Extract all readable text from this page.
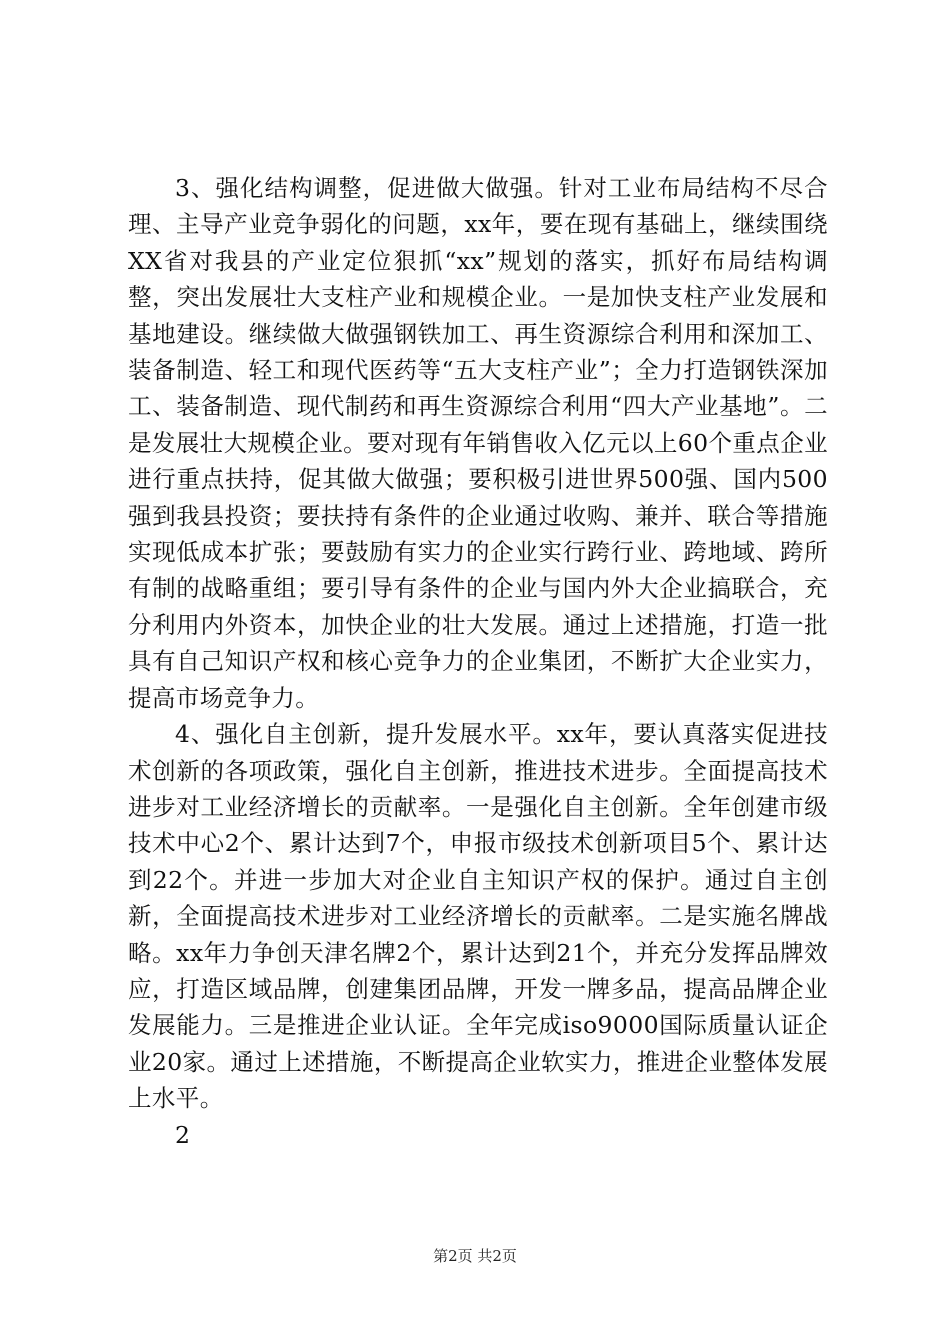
3、强化结构调整，促进做大做强。针对工业布局结构不尽合理、主导产业竞争弱化的问题，xx年，要在现有基础上，继续围绕XX省对我县的产业定位狠抓“xx”规划的落实，抓好布局结构调整，突出发展壮大支柱产业和规模企业。一是加快支柱产业发展和基地建设。继续做大做强钢铁加工、再生资源综合利用和深加工、装备制造、轻工和现代医药等“五大支柱产业”；全力打造钢铁深加工、装备制造、现代制药和再生资源综合利用“四大产业基地”。二是发展壮大规模企业。要对现有年销售收入亿元以上60个重点企业进行重点扶持，促其做大做强；要积极引进世界500强、国内500强到我县投资；要扶持有条件的企业通过收购、兼并、联合等措施实现低成本扩张；要鼓励有实力的企业实行跨行业、跨地域、跨所有制的战略重组；要引导有条件的企业与国内外大企业搞联合，充分利用内外资本，加快企业的壮大发展。通过上述措施，打造一批具有自己知识产权和核心竞争力的企业集团，不断扩大企业实力，提高市场竞争力。

4、强化自主创新，提升发展水平。xx年，要认真落实促进技术创新的各项政策，强化自主创新，推进技术进步。全面提高技术进步对工业经济增长的贡献率。一是强化自主创新。全年创建市级技术中心2个、累计达到7个，申报市级技术创新项目5个、累计达到22个。并进一步加大对企业自主知识产权的保护。通过自主创新，全面提高技术进步对工业经济增长的贡献率。二是实施名牌战略。xx年力争创天津名牌2个，累计达到21个，并充分发挥品牌效应，打造区域品牌，创建集团品牌，开发一牌多品，提高品牌企业发展能力。三是推进企业认证。全年完成iso9000国际质量认证企业20家。通过上述措施，不断提高企业软实力，推进企业整体发展上水平。

2

第2页 共2页
